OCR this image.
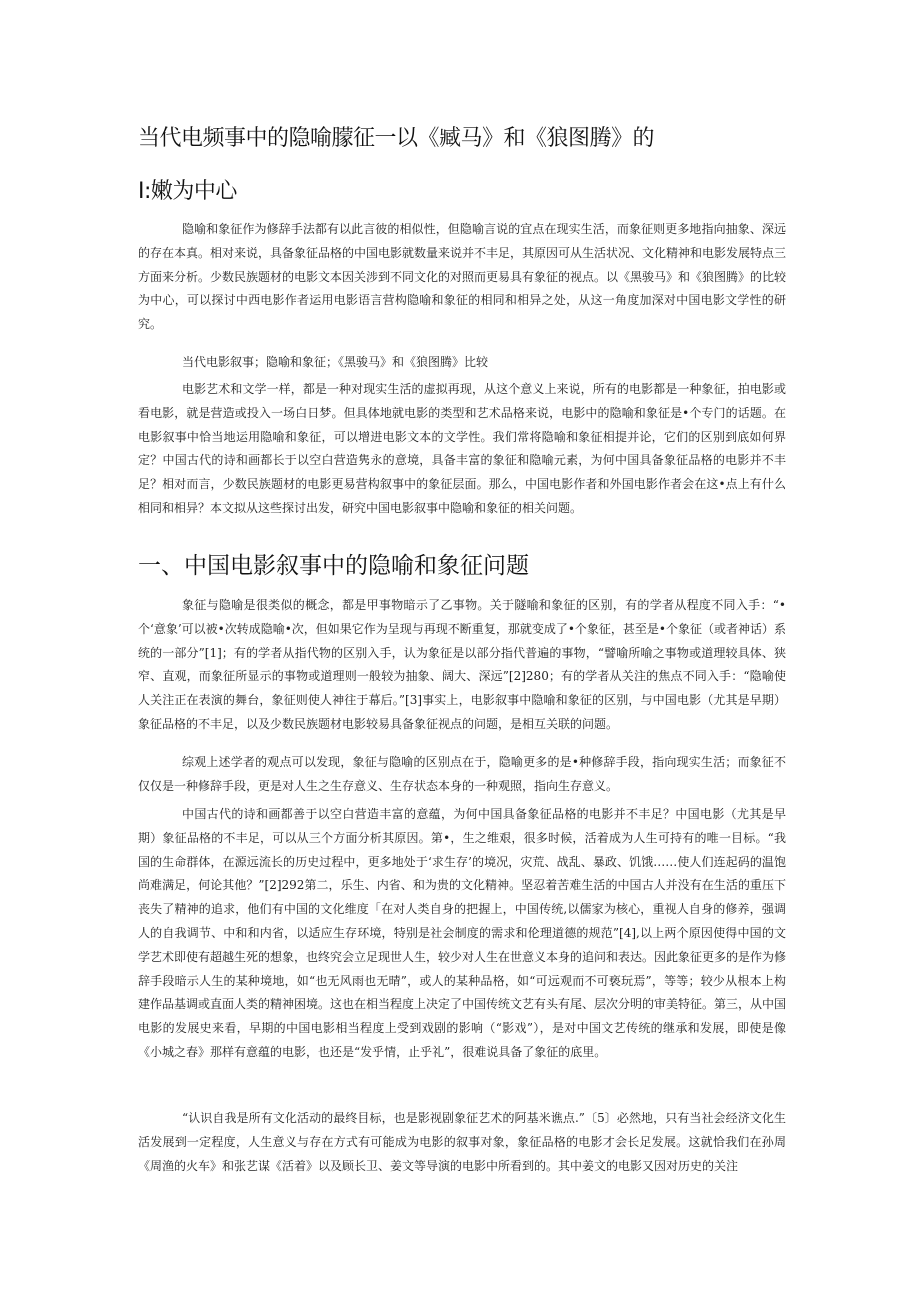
当代电频事中的隐喻朦征一以《臧马》和《狼图腾》的
I:嫩为中心

隐喻和象征作为修辞手法都有以此言彼的相似性，但隐喻言说的宜点在现实生活，而象征则更多地指向抽象、深远的存在本真。相对来说，具备象征品格的中国电影就数量来说并不丰足，其原因可从生活状况、文化精神和电影发展特点三方面来分析。少数民族题材的电影文本因关涉到不同文化的对照而更易具有象征的视点。以《黑骏马》和《狼图腾》的比较为中心，可以探讨中西电影作者运用电影语言营构隐喻和象征的相同和相异之处，从这一角度加深对中国电影文学性的研究。

当代电影叙事；隐喻和象征；《黑骏马》和《狼图腾》比较

电影艺术和文学一样，都是一种对现实生活的虚拟再现，从这个意义上来说，所有的电影都是一种象征，拍电影或看电影，就是营造或投入一场白日梦。但具体地就电影的类型和艺术品格来说，电影中的隐喻和象征是•个专门的话题。在电影叙事中恰当地运用隐喻和象征，可以增进电影文本的文学性。我们常将隐喻和象征相提并论，它们的区别到底如何界定？中国古代的诗和画都长于以空白营造隽永的意境，具备丰富的象征和隐喻元素，为何中国具备象征品格的电影并不丰足？相对而言，少数民族题材的电影更易营构叙事中的象征层面。那么，中国电影作者和外国电影作者会在这•点上有什么相同和相异？本文拟从这些探讨出发，研究中国电影叙事中隐喻和象征的相关问题。

一、中国电影叙事中的隐喻和象征问题

象征与隐喻是很类似的概念，都是甲事物暗示了乙事物。关于隧喻和象征的区别，有的学者从程度不同入手：“•个‘意象’可以被•次转成隐喻•次，但如果它作为呈现与再现不断重复，那就变成了•个象征，甚至是•个象征（或者神话）系统的一部分”[1]；有的学者从指代物的区别入手，认为象征是以部分指代普遍的事物，“譬喻所喻之事物或道理较具体、狭窄、直观，而象征所显示的事物或道理则一般较为抽象、阔大、深远”[2]280；有的学者从关注的焦点不同入手：“隐喻使人关注正在表演的舞台，象征则使人神往于幕后。”[3]事实上，电影叙事中隐喻和象征的区别，与中国电影（尤其是早期）象征品格的不丰足，以及少数民族题材电影较易具备象征视点的问题，是相互关联的问题。

综观上述学者的观点可以发现，象征与隐喻的区别点在于，隐喻更多的是•种修辞手段，指向现实生活；而象征不仅仅是一种修辞手段，更是对人生之生存意义、生存状态本身的一种观照，指向生存意义。

中国古代的诗和画都善于以空白营造丰富的意蕴，为何中国具备象征品格的电影并不丰足？中国电影（尤其是早期）象征品格的不丰足，可以从三个方面分析其原因。第•，生之维艰，很多时候，活着成为人生可持有的唯一目标。“我国的生命群体，在源远流长的历史过程中，更多地处于‘求生存’的境况，灾荒、战乱、暴政、饥饿……使人们连起码的温饱尚难满足，何论其他？”[2]292第二，乐生、内省、和为贵的文化精神。坚忍着苦难生活的中国古人并没有在生活的重压下丧失了精神的追求，他们有中国的文化维度「在对人类自身的把握上，中国传统,以儒家为核心，重视人自身的修养，强调人的自我调节、中和和内省，以适应生存环境，特别是社会制度的需求和伦理道德的规范”[4],以上两个原因使得中国的文学艺术即使有超越生死的想象，也终究会立足现世人生，较少对人生在世意义本身的追问和表达。因此象征更多的是作为修辞手段暗示人生的某种境地，如“也无风雨也无晴”，或人的某种品格，如“可远观而不可亵玩焉”，等等；较少从根本上构建作品基调或直面人类的精神困境。这也在相当程度上决定了中国传统文艺有头有尾、层次分明的审美特征。第三，从中国电影的发展史来看，早期的中国电影相当程度上受到戏剧的影响（“影戏”），是对中国文艺传统的继承和发展，即使是像《小城之春》那样有意蕴的电影，也还是“发乎情，止乎礼”，很难说具备了象征的底里。

“认识自我是所有文化活动的最终目标，也是影视剧象征艺术的阿基米谯点.”〔5〕必然地，只有当社会经济文化生活发展到一定程度，人生意义与存在方式有可能成为电影的叙事对象，象征品格的电影才会长足发展。这就恰我们在孙周《周渔的火车》和张艺谋《活着》以及顾长卫、姜文等导演的电影中所看到的。其中姜文的电影又因对历史的关注
